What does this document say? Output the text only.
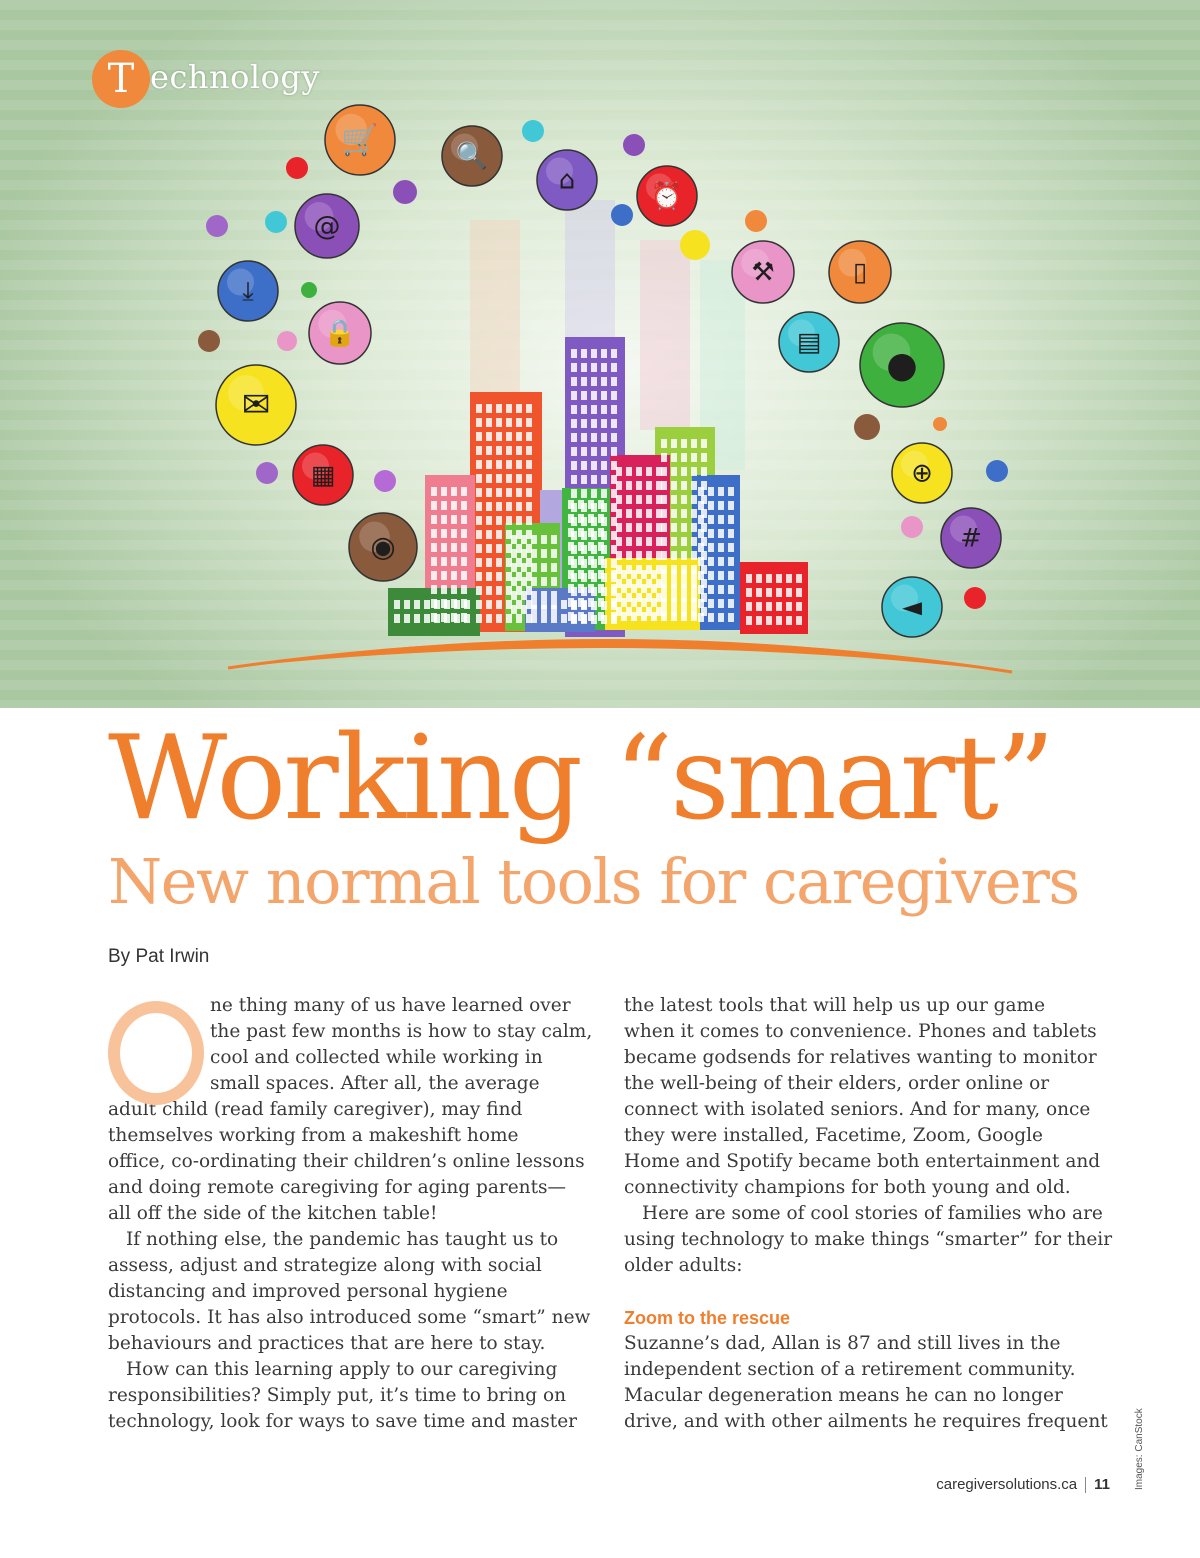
🛒	🔍
⌂
⏰
@
⤓
🔒
✉
▦
◉
⚒	▯
▤
●
⊕
#
◄
T echnology
Working “smart”
New normal tools for caregivers
By Pat Irwin
ne thing many of us have learned over
the past few months is how to stay calm,
cool and collected while working in
small spaces. After all, the average

adult child (read family caregiver), may find
themselves working from a makeshift home
office, co-ordinating their children’s online lessons
and doing remote caregiving for aging parents—
all off the side of the kitchen table!

If nothing else, the pandemic has taught us to
assess, adjust and strategize along with social
distancing and improved personal hygiene
protocols. It has also introduced some “smart” new
behaviours and practices that are here to stay.

How can this learning apply to our caregiving
responsibilities? Simply put, it’s time to bring on
technology, look for ways to save time and master

the latest tools that will help us up our game
when it comes to convenience. Phones and tablets
became godsends for relatives wanting to monitor
the well-being of their elders, order online or
connect with isolated seniors. And for many, once
they were installed, Facetime, Zoom, Google
Home and Spotify became both entertainment and
connectivity champions for both young and old.

Here are some of cool stories of families who are
using technology to make things “smarter” for their
older adults:

Zoom to the rescue

Suzanne’s dad, Allan is 87 and still lives in the
independent section of a retirement community.
Macular degeneration means he can no longer
drive, and with other ailments he requires frequent

caregiversolutions.ca 11 Images: CanStock
